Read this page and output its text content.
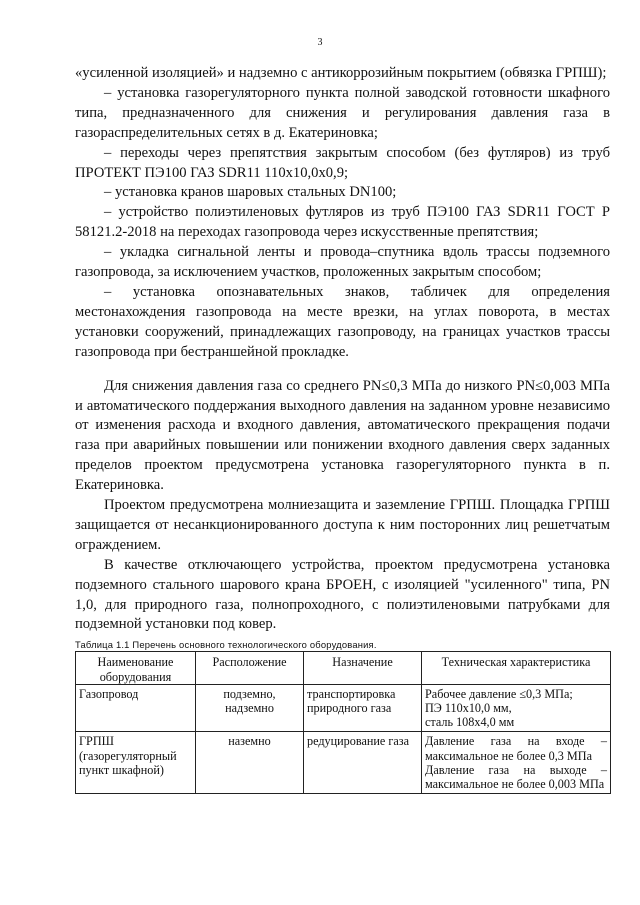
3

«усиленной изоляцией» и надземно с антикоррозийным покрытием (обвязка ГРПШ);

– установка газорегуляторного пункта полной заводской готовности шкафного типа, предназначенного для снижения и регулирования давления газа в газораспределительных сетях в д. Екатериновка;

– переходы через препятствия закрытым способом (без футляров) из труб ПРОТЕКТ ПЭ100 ГАЗ SDR11 110х10,0х0,9;

– установка кранов шаровых стальных DN100;

– устройство полиэтиленовых футляров из труб ПЭ100 ГАЗ SDR11 ГОСТ Р 58121.2-2018 на переходах газопровода через искусственные препятствия;

– укладка сигнальной ленты и провода–спутника вдоль трассы подземного газопровода, за исключением участков, проложенных закрытым способом;

– установка опознавательных знаков, табличек для определения местонахождения газопровода на месте врезки, на углах поворота, в местах установки сооружений, принадлежащих газопроводу, на границах участков трассы газопровода при бестраншейной прокладке.

Для снижения давления газа со среднего PN≤0,3 МПа до низкого PN≤0,003 МПа и автоматического поддержания выходного давления на заданном уровне независимо от изменения расхода и входного давления, автоматического прекращения подачи газа при аварийных повышении или понижении входного давления сверх заданных пределов проектом предусмотрена установка газорегуляторного пункта в п. Екатериновка.

Проектом предусмотрена молниезащита и заземление ГРПШ. Площадка ГРПШ защищается от несанкционированного доступа к ним посторонних лиц решетчатым ограждением.

В качестве отключающего устройства, проектом предусмотрена установка подземного стального шарового крана БРОЕН, с изоляцией "усиленного" типа, PN 1,0, для природного газа, полнопроходного, с полиэтиленовыми патрубками для подземной установки под ковер.

Таблица 1.1 Перечень основного технологического оборудования.
Наименование оборудования	Расположение	Назначение	Техническая характеристика
Газопровод	подземно, надземно	транспортировка природного газа	Рабочее давление ≤0,3 МПа;
ПЭ 110х10,0 мм,
сталь 108х4,0 мм

ГРПШ (газорегуляторный пункт шкафной)	наземно	редуцирование газа	Давление газа на входе – максимальное не более 0,3 МПа
Давление газа на выходе – максимальное не более 0,003 МПа
